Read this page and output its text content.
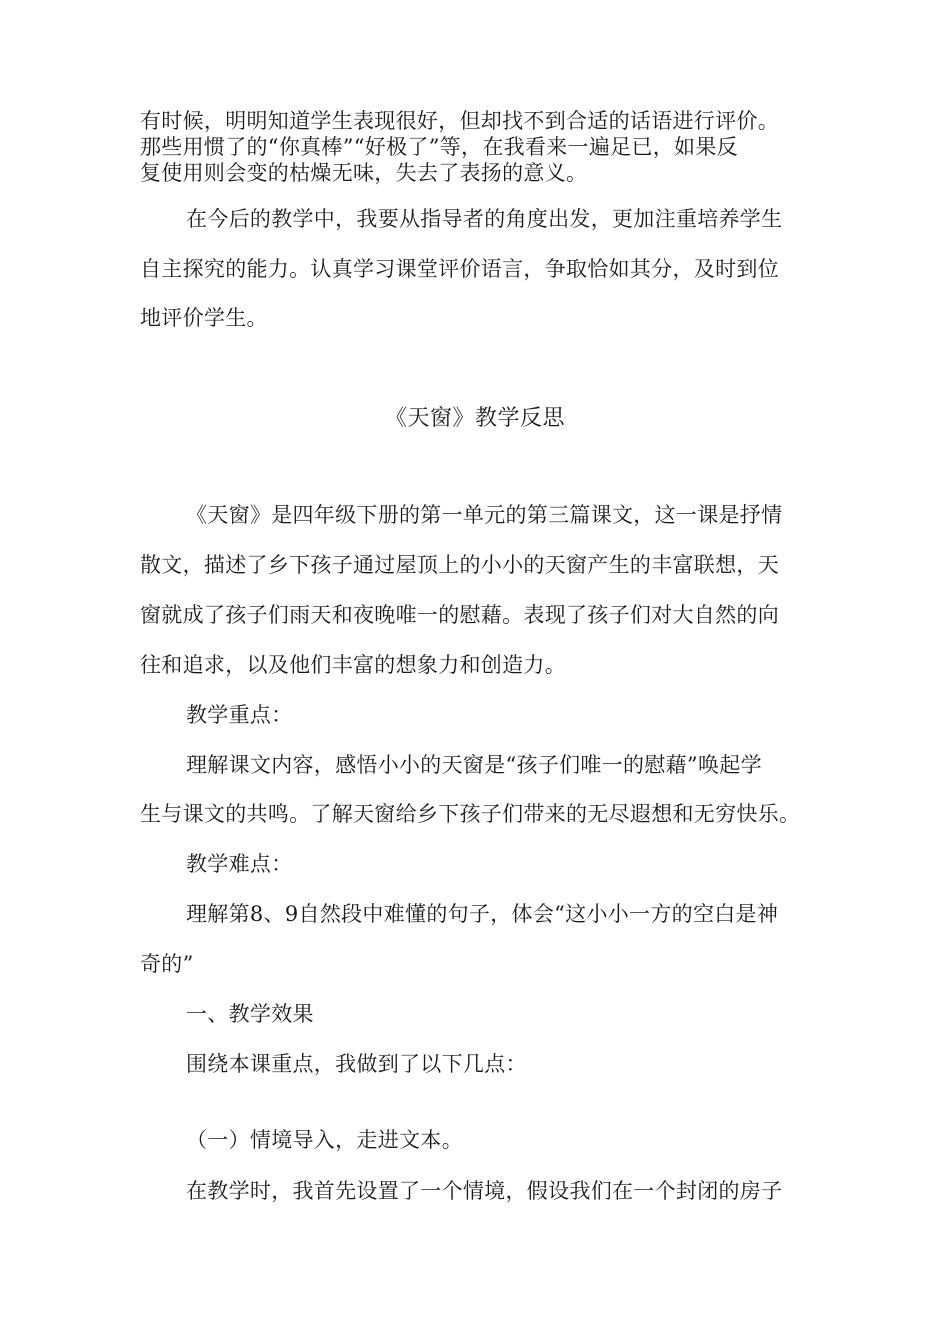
有时候，明明知道学生表现很好，但却找不到合适的话语进行评价。
那些用惯了的“你真棒”“好极了”等，在我看来一遍足已，如果反
复使用则会变的枯燥无味，失去了表扬的意义。
在今后的教学中，我要从指导者的角度出发，更加注重培养学生
自主探究的能力。认真学习课堂评价语言，争取恰如其分，及时到位
地评价学生。
《天窗》教学反思
《天窗》是四年级下册的第一单元的第三篇课文，这一课是抒情
散文，描述了乡下孩子通过屋顶上的小小的天窗产生的丰富联想，天
窗就成了孩子们雨天和夜晚唯一的慰藉。表现了孩子们对大自然的向
往和追求，以及他们丰富的想象力和创造力。
教学重点：
理解课文内容，感悟小小的天窗是“孩子们唯一的慰藉”唤起学
生与课文的共鸣。了解天窗给乡下孩子们带来的无尽遐想和无穷快乐。
教学难点：
理解第8、9自然段中难懂的句子，体会“这小小一方的空白是神
奇的”
一、教学效果
围绕本课重点，我做到了以下几点：
（一）情境导入，走进文本。
在教学时，我首先设置了一个情境，假设我们在一个封闭的房子
